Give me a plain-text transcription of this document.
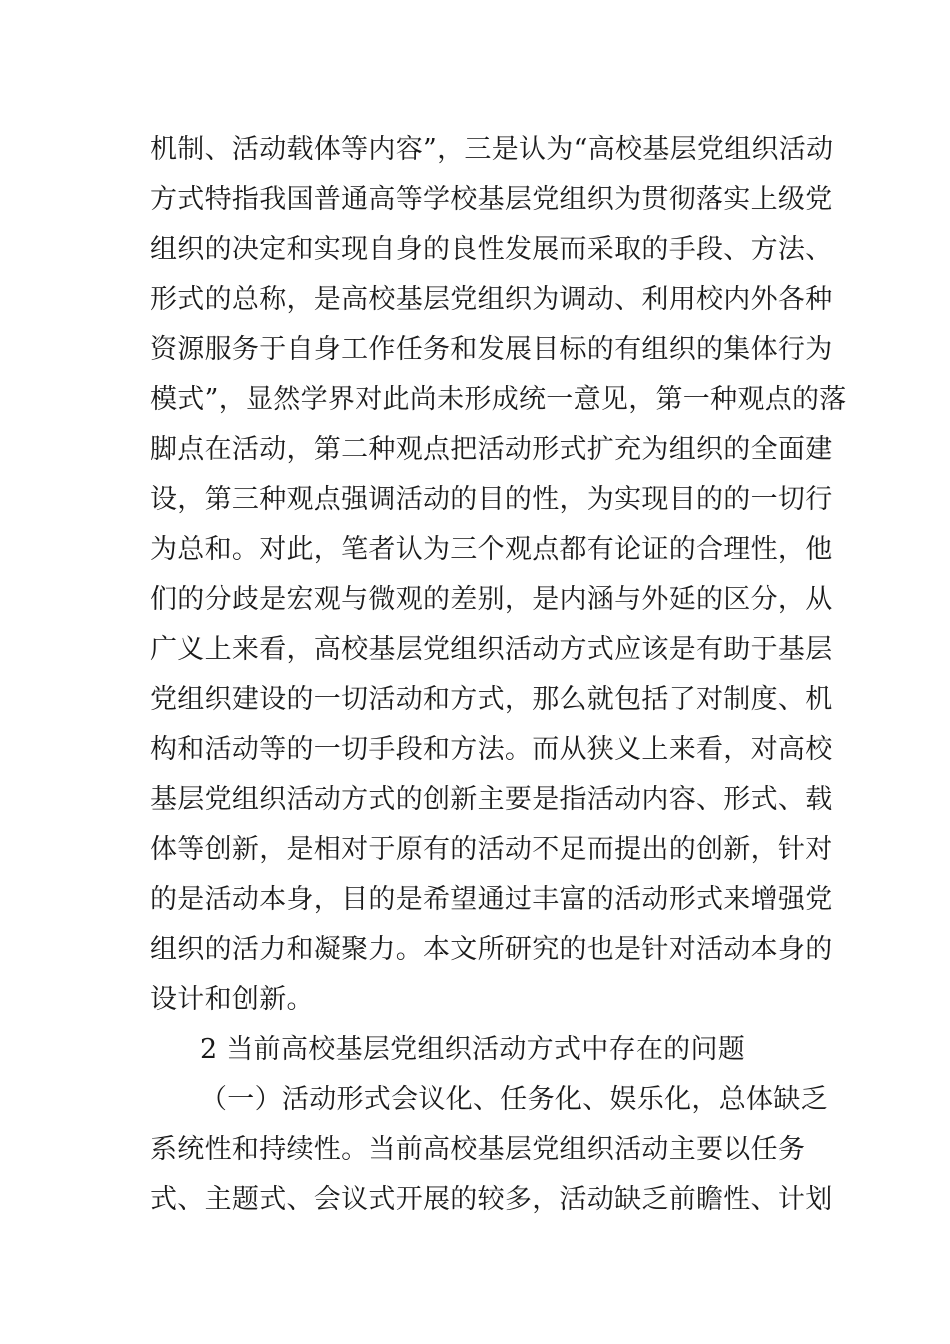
机制、活动载体等内容”，三是认为“高校基层党组织活动
方式特指我国普通高等学校基层党组织为贯彻落实上级党
组织的决定和实现自身的良性发展而采取的手段、方法、
形式的总称，是高校基层党组织为调动、利用校内外各种
资源服务于自身工作任务和发展目标的有组织的集体行为
模式”，显然学界对此尚未形成统一意见，第一种观点的落
脚点在活动，第二种观点把活动形式扩充为组织的全面建
设，第三种观点强调活动的目的性，为实现目的的一切行
为总和。对此，笔者认为三个观点都有论证的合理性，他
们的分歧是宏观与微观的差别，是内涵与外延的区分，从
广义上来看，高校基层党组织活动方式应该是有助于基层
党组织建设的一切活动和方式，那么就包括了对制度、机
构和活动等的一切手段和方法。而从狭义上来看，对高校
基层党组织活动方式的创新主要是指活动内容、形式、载
体等创新，是相对于原有的活动不足而提出的创新，针对
的是活动本身，目的是希望通过丰富的活动形式来增强党
组织的活力和凝聚力。本文所研究的也是针对活动本身的
设计和创新。
2 当前高校基层党组织活动方式中存在的问题
（一）活动形式会议化、任务化、娱乐化，总体缺乏
系统性和持续性。当前高校基层党组织活动主要以任务
式、主题式、会议式开展的较多，活动缺乏前瞻性、计划
